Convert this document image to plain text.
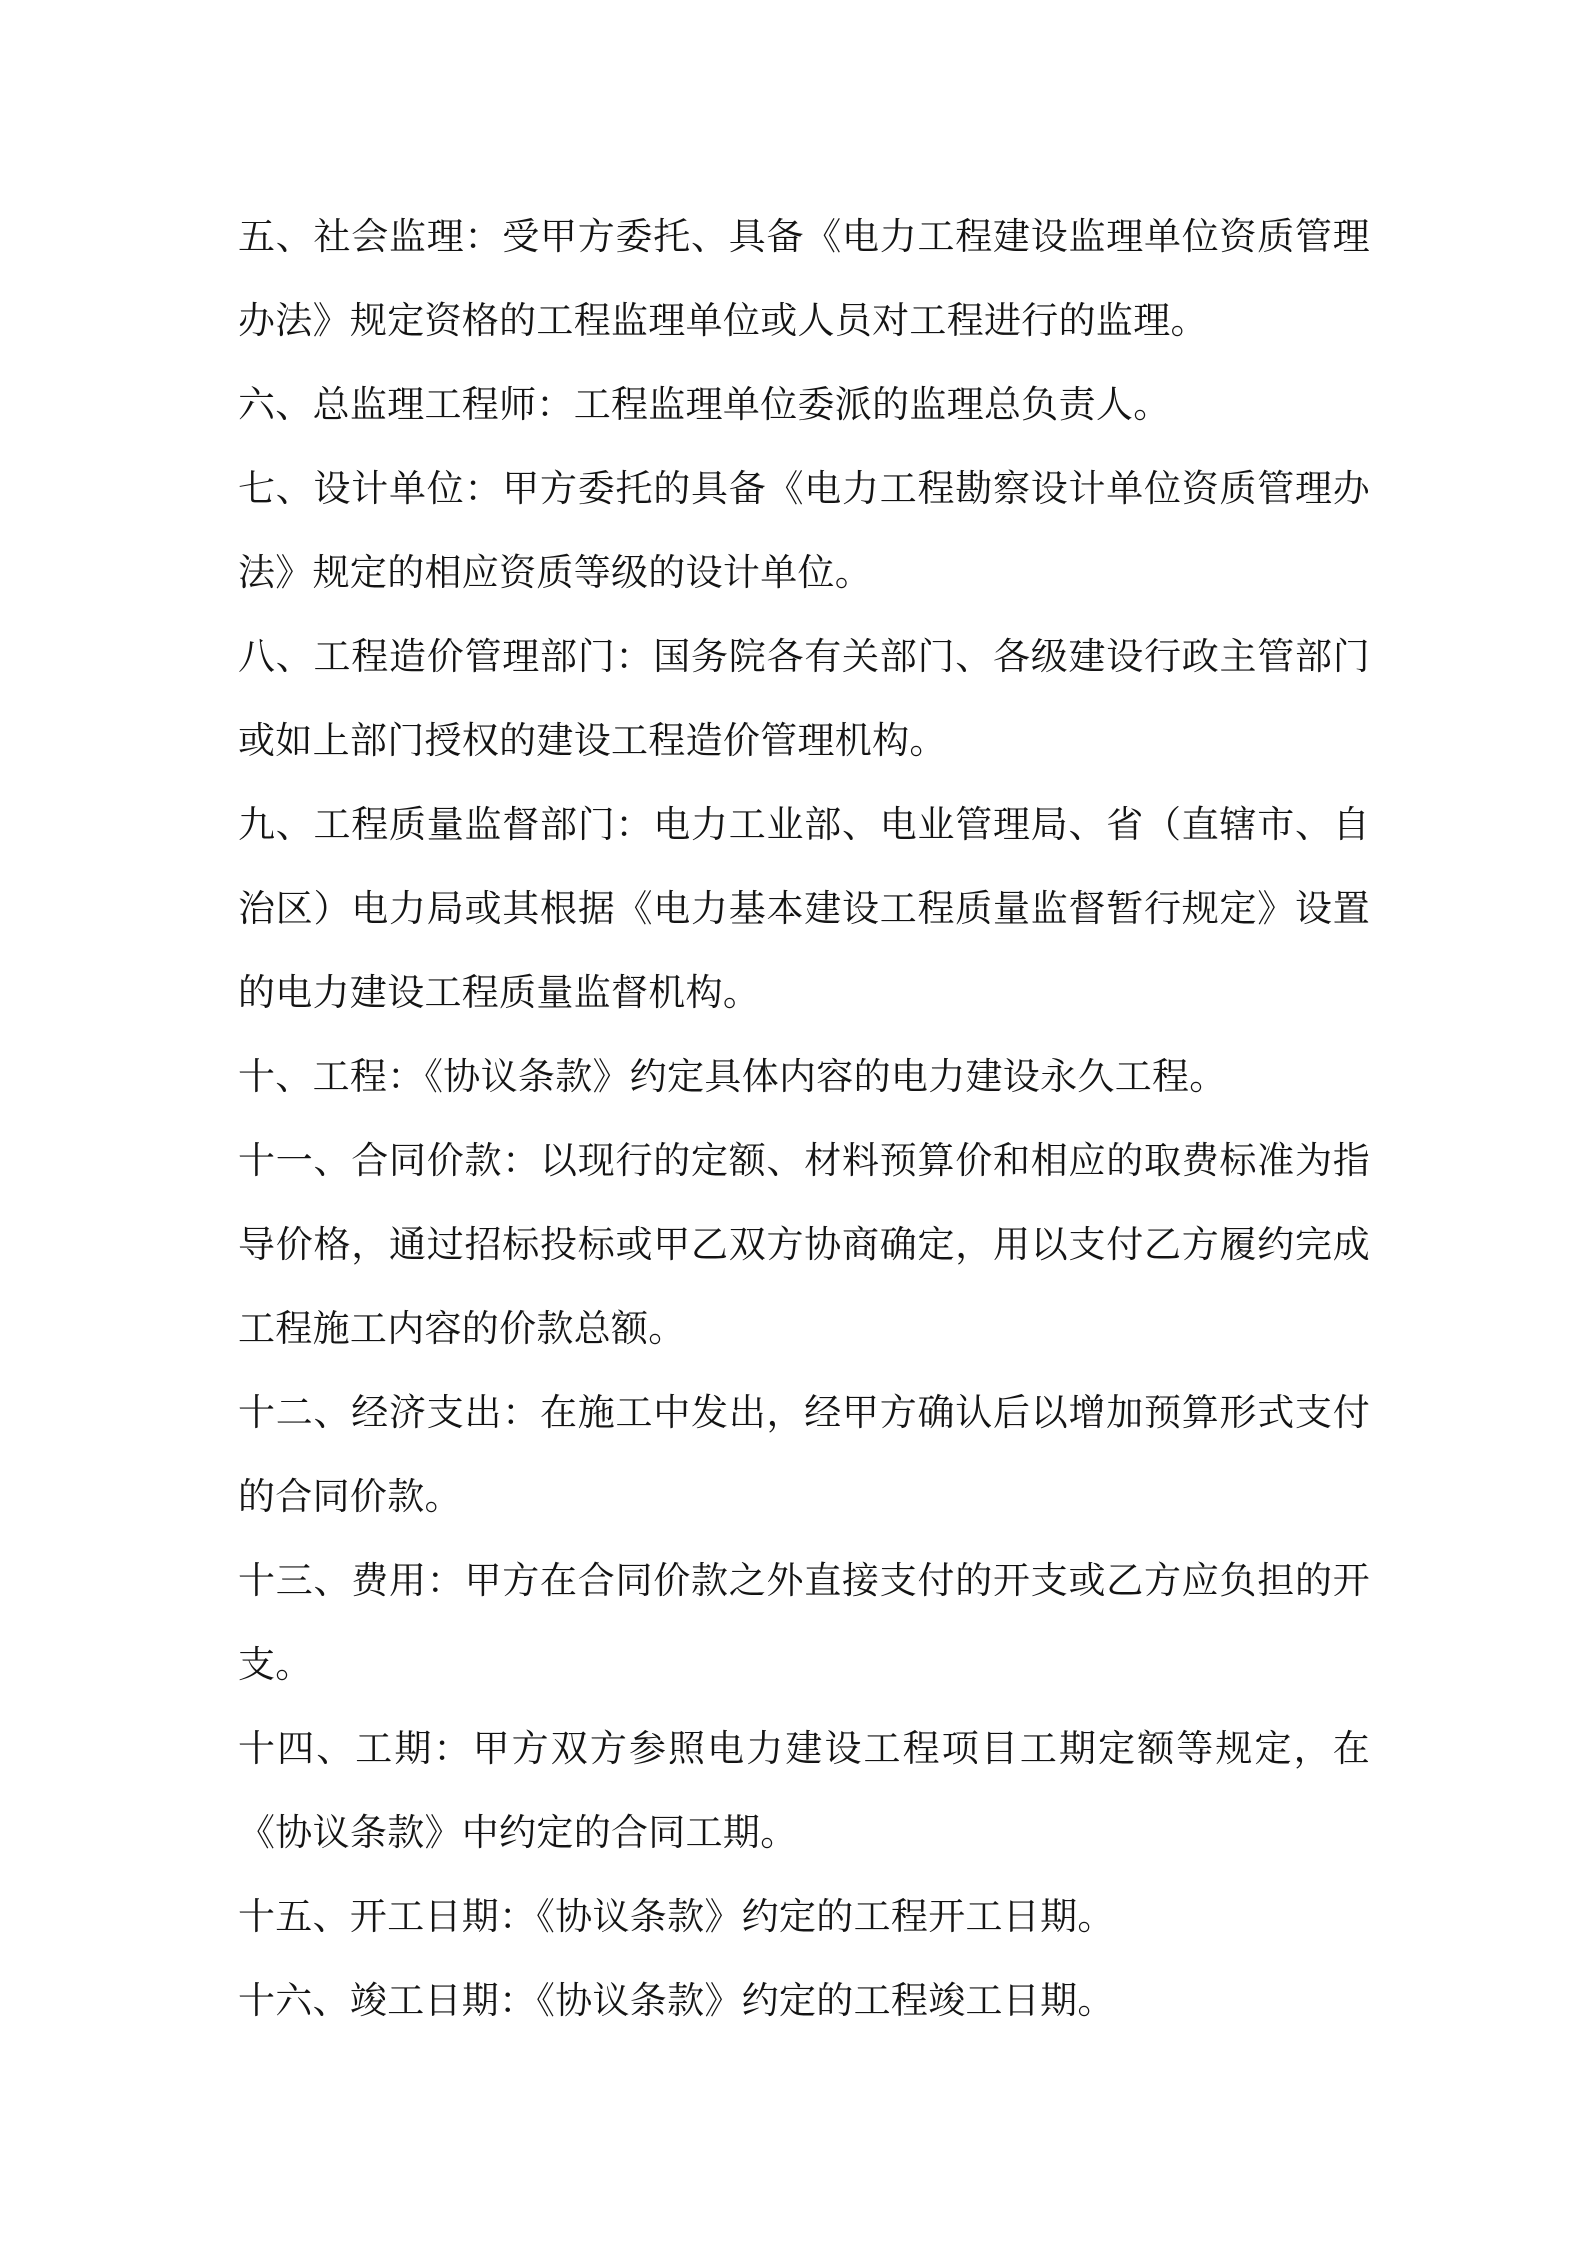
五、社会监理：受甲方委托、具备《电力工程建设监理单位资质管理办法》规定资格的工程监理单位或人员对工程进行的监理。

六、总监理工程师：工程监理单位委派的监理总负责人。

七、设计单位：甲方委托的具备《电力工程勘察设计单位资质管理办法》规定的相应资质等级的设计单位。

八、工程造价管理部门：国务院各有关部门、各级建设行政主管部门或如上部门授权的建设工程造价管理机构。

九、工程质量监督部门：电力工业部、电业管理局、省（直辖市、自治区）电力局或其根据《电力基本建设工程质量监督暂行规定》设置的电力建设工程质量监督机构。

十、工程：《协议条款》约定具体内容的电力建设永久工程。

十一、合同价款：以现行的定额、材料预算价和相应的取费标准为指导价格，通过招标投标或甲乙双方协商确定，用以支付乙方履约完成工程施工内容的价款总额。

十二、经济支出：在施工中发出，经甲方确认后以增加预算形式支付的合同价款。

十三、费用：甲方在合同价款之外直接支付的开支或乙方应负担的开支。

十四、工期：甲方双方参照电力建设工程项目工期定额等规定，在《协议条款》中约定的合同工期。

十五、开工日期：《协议条款》约定的工程开工日期。

十六、竣工日期：《协议条款》约定的工程竣工日期。
